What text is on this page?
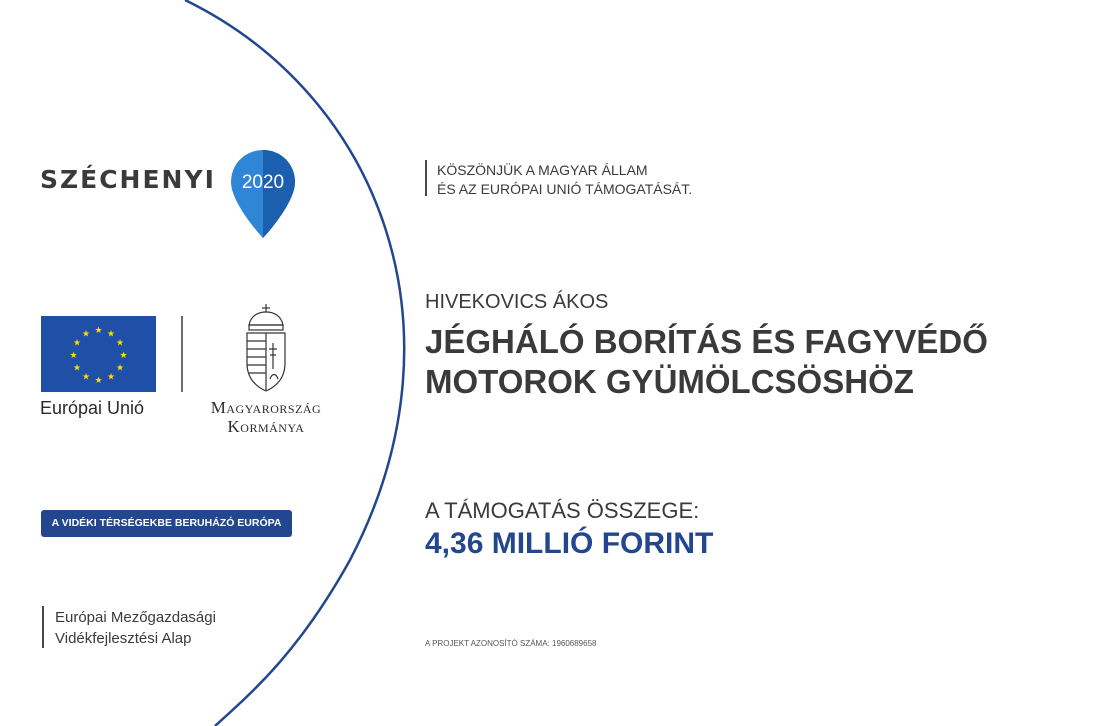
SZÉCHENYI 2020
★ ★
★
★
★
★
★
★
★
★
★
★
Európai Unió	Magyarország
Kormánya
A VIDÉKI TÉRSÉGEKBE BERUHÁZÓ EURÓPA
Európai Mezőgazdasági
Vidékfejlesztési Alap
KÖSZÖNJÜK A MAGYAR ÁLLAM
ÉS AZ EURÓPAI UNIÓ TÁMOGATÁSÁT.
HIVEKOVICS ÁKOS
JÉGHÁLÓ BORÍTÁS ÉS FAGYVÉDŐ
MOTOROK GYÜMÖLCSÖSHÖZ
A TÁMOGATÁS ÖSSZEGE:
4,36 MILLIÓ FORINT
A PROJEKT AZONOSÍTÓ SZÁMA: 1960689658
